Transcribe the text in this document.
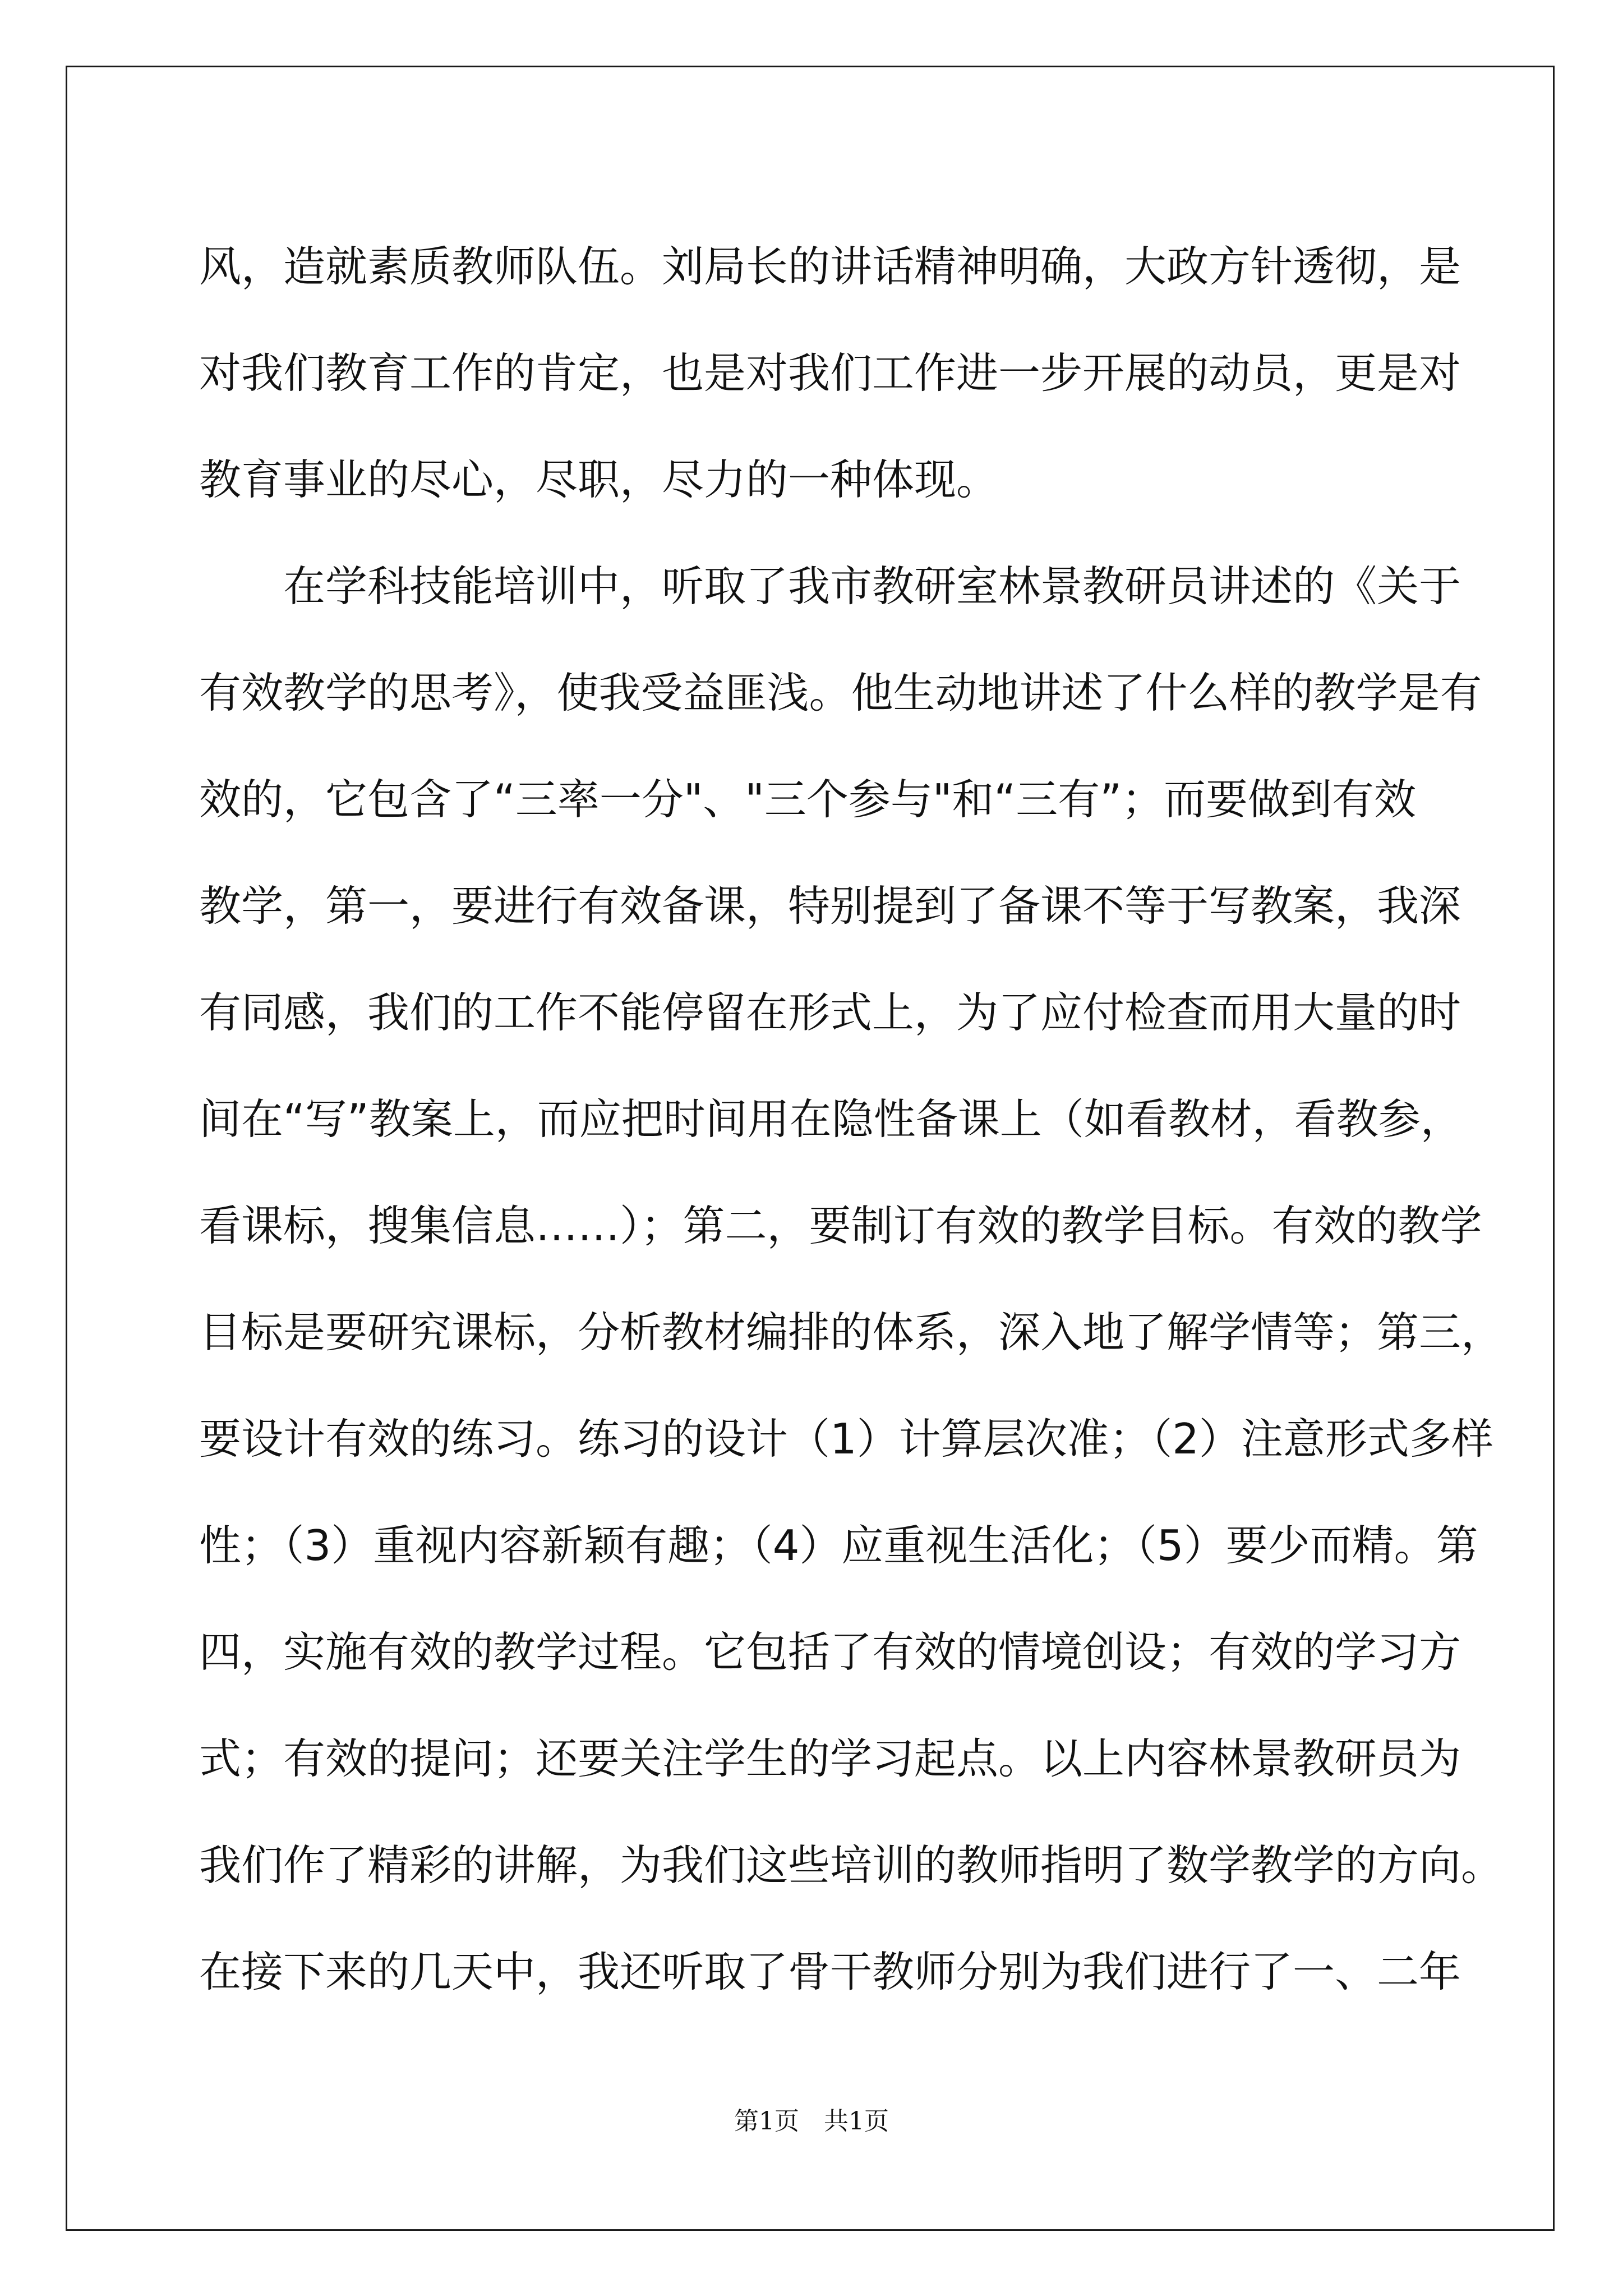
风，造就素质教师队伍。刘局长的讲话精神明确，大政方针透彻，是
对我们教育工作的肯定，也是对我们工作进一步开展的动员，更是对
教育事业的尽心，尽职，尽力的一种体现。
　　在学科技能培训中，听取了我市教研室林景教研员讲述的《关于
有效教学的思考》，使我受益匪浅。他生动地讲述了什么样的教学是有
效的，它包含了“三率一分"、"三个参与"和“三有”；而要做到有效
教学，第一，要进行有效备课，特别提到了备课不等于写教案，我深
有同感，我们的工作不能停留在形式上，为了应付检查而用大量的时
间在“写”教案上，而应把时间用在隐性备课上（如看教材，看教参，
看课标，搜集信息……）；第二，要制订有效的教学目标。有效的教学
目标是要研究课标，分析教材编排的体系，深入地了解学情等；第三，
要设计有效的练习。练习的设计（1）计算层次准；（2）注意形式多样
性；（3）重视内容新颖有趣；（4）应重视生活化；（5）要少而精。第
四，实施有效的教学过程。它包括了有效的情境创设；有效的学习方
式；有效的提问；还要关注学生的学习起点。以上内容林景教研员为
我们作了精彩的讲解，为我们这些培训的教师指明了数学教学的方向。
在接下来的几天中，我还听取了骨干教师分别为我们进行了一、二年
第1页　共1页
